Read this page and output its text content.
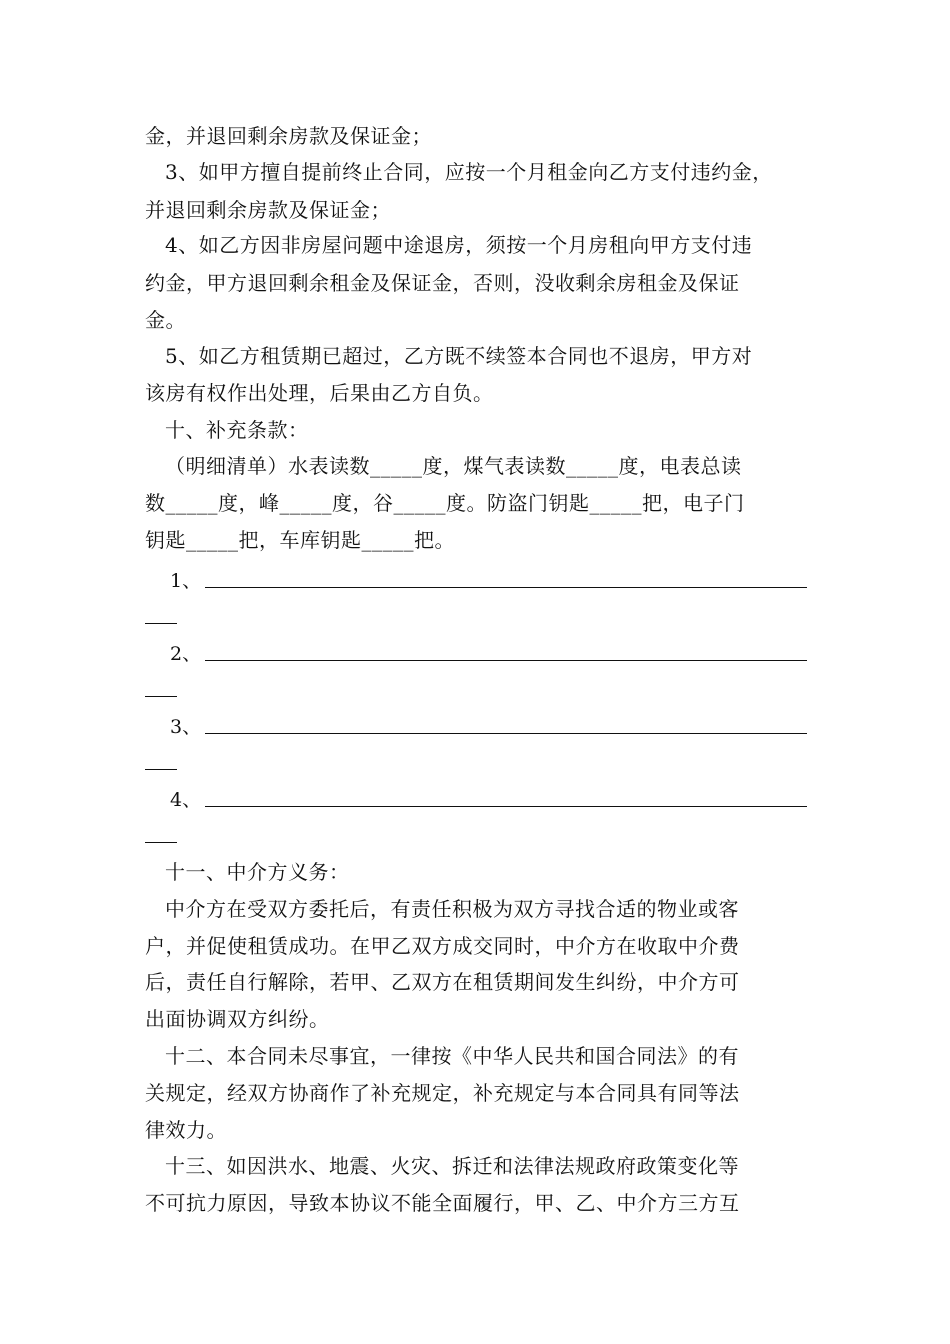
金，并退回剩余房款及保证金；
3、如甲方擅自提前终止合同，应按一个月租金向乙方支付违约金，
并退回剩余房款及保证金；
4、如乙方因非房屋问题中途退房，须按一个月房租向甲方支付违
约金，甲方退回剩余租金及保证金，否则，没收剩余房租金及保证
金。
5、如乙方租赁期已超过，乙方既不续签本合同也不退房，甲方对
该房有权作出处理，后果由乙方自负。
十、补充条款：
（明细清单）水表读数_____度，煤气表读数_____度，电表总读
数_____度，峰_____度，谷_____度。防盗门钥匙_____把，电子门
钥匙_____把，车库钥匙_____把。
1、
2、
3、
4、
十一、中介方义务：
中介方在受双方委托后，有责任积极为双方寻找合适的物业或客
户，并促使租赁成功。在甲乙双方成交同时，中介方在收取中介费
后，责任自行解除，若甲、乙双方在租赁期间发生纠纷，中介方可
出面协调双方纠纷。
十二、本合同未尽事宜，一律按《中华人民共和国合同法》的有
关规定，经双方协商作了补充规定，补充规定与本合同具有同等法
律效力。
十三、如因洪水、地震、火灾、拆迁和法律法规政府政策变化等
不可抗力原因，导致本协议不能全面履行，甲、乙、中介方三方互
